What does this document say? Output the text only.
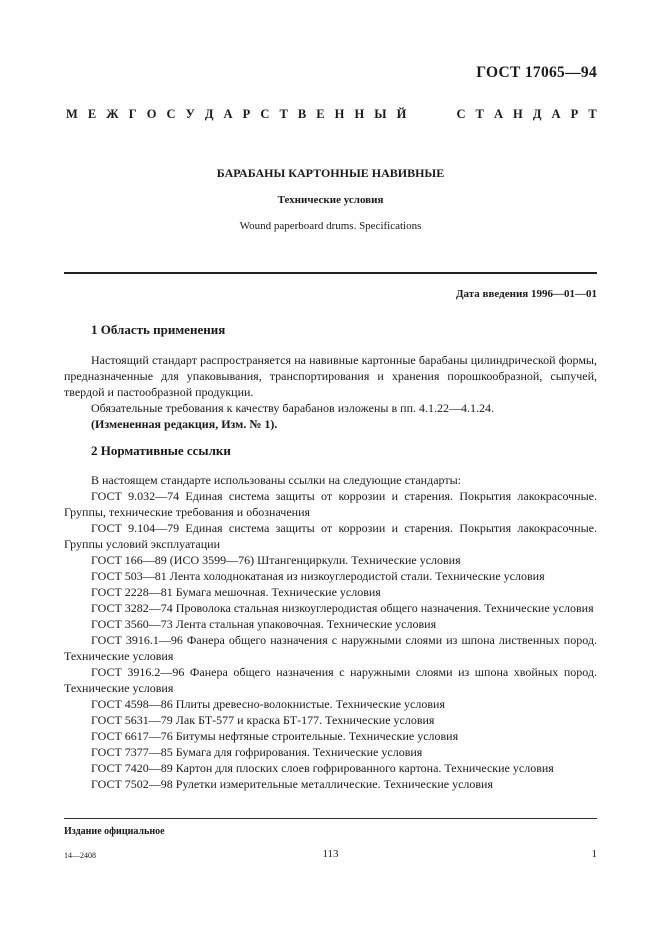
ГОСТ 17065—94
М Е Ж Г О С У Д А Р С Т В Е Н Н Ы Й	С Т А Н Д А Р Т
БАРАБАНЫ КАРТОННЫЕ НАВИВНЫЕ
Технические условия
Wound paperboard drums. Specifications
Дата введения 1996—01—01
1 Область применения

Настоящий стандарт распространяется на навивные картонные барабаны цилиндрической формы, предназначенные для упаковывания, транспортирования и хранения порошкообразной, сыпучей, твердой и пастообразной продукции.

Обязательные требования к качеству барабанов изложены в пп. 4.1.22—4.1.24.

(Измененная редакция, Изм. № 1).

2 Нормативные ссылки

В настоящем стандарте использованы ссылки на следующие стандарты:

ГОСТ 9.032—74 Единая система защиты от коррозии и старения. Покрытия лакокрасочные. Группы, технические требования и обозначения

ГОСТ 9.104—79 Единая система защиты от коррозии и старения. Покрытия лакокрасочные. Группы условий эксплуатации

ГОСТ 166—89 (ИСО 3599—76) Штангенциркули. Технические условия

ГОСТ 503—81 Лента холоднокатаная из низкоуглеродистой стали. Технические условия

ГОСТ 2228—81 Бумага мешочная. Технические условия

ГОСТ 3282—74 Проволока стальная низкоуглеродистая общего назначения. Технические условия

ГОСТ 3560—73 Лента стальная упаковочная. Технические условия

ГОСТ 3916.1—96 Фанера общего назначения с наружными слоями из шпона лиственных пород. Технические условия

ГОСТ 3916.2—96 Фанера общего назначения с наружными слоями из шпона хвойных пород. Технические условия

ГОСТ 4598—86 Плиты древесно-волокнистые. Технические условия

ГОСТ 5631—79 Лак БТ-577 и краска БТ-177. Технические условия

ГОСТ 6617—76 Битумы нефтяные строительные. Технические условия

ГОСТ 7377—85 Бумага для гофрирования. Технические условия

ГОСТ 7420—89 Картон для плоских слоев гофрированного картона. Технические условия

ГОСТ 7502—98 Рулетки измерительные металлические. Технические условия

Издание официальное
14—2408	113	1
